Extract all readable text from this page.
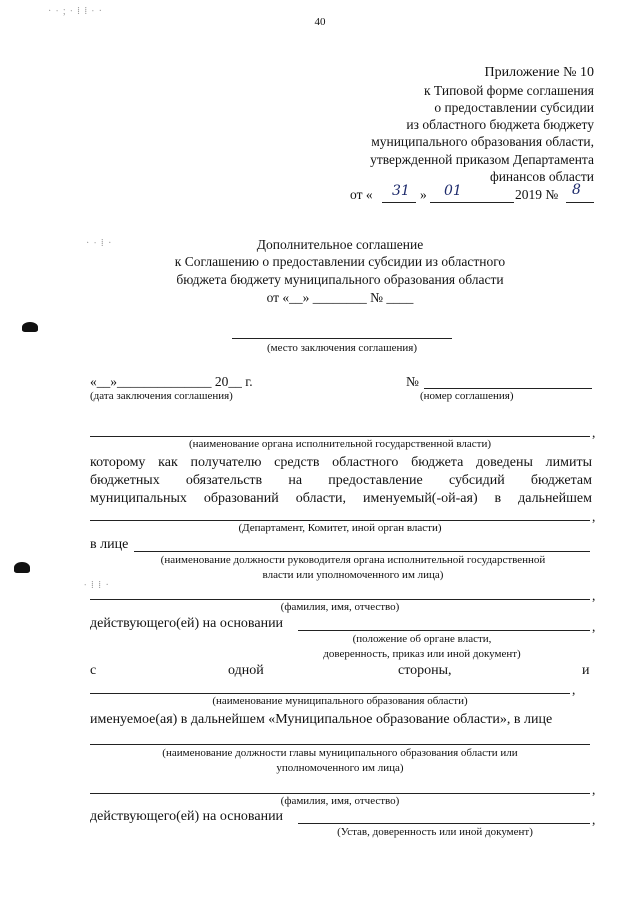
· ∙ ; ∙ ⁞ ⁞ ∙ ·
· ∙ ⁞ ·
∙ ⁞ ⁞ ·
40
Приложение № 10
к Типовой форме соглашения
о предоставлении субсидии
из областного бюджета бюджету
муниципального образования области,
утвержденной приказом Департамента
финансов области
от « 31 » 01	2019 № 8
Дополнительное соглашение
к Соглашению о предоставлении субсидии из областного
бюджета бюджету муниципального образования области
от «__» ________ № ____
(место заключения соглашения)
«__»______________ 20__ г.	№
(дата заключения соглашения)	(номер соглашения)
,
(наименование органа исполнительной государственной власти)
которому как получателю средств областного бюджета доведены лимиты
бюджетных обязательств на предоставление субсидий бюджетам
муниципальных образований области, именуемый(-ой-ая) в дальнейшем
,
(Департамент, Комитет, иной орган власти)
в лице
(наименование должности руководителя органа исполнительной государственной
власти или уполномоченного им лица)
,
(фамилия, имя, отчество)
действующего(ей) на основании	,
(положение об органе власти,
доверенность, приказ или иной документ)
с	одной	стороны,	и
,
(наименование муниципального образования области)
именуемое(ая) в дальнейшем «Муниципальное образование области», в лице
(наименование должности главы муниципального образования области или
уполномоченного им лица)
,
(фамилия, имя, отчество)
действующего(ей) на основании	,
(Устав, доверенность или иной документ)
